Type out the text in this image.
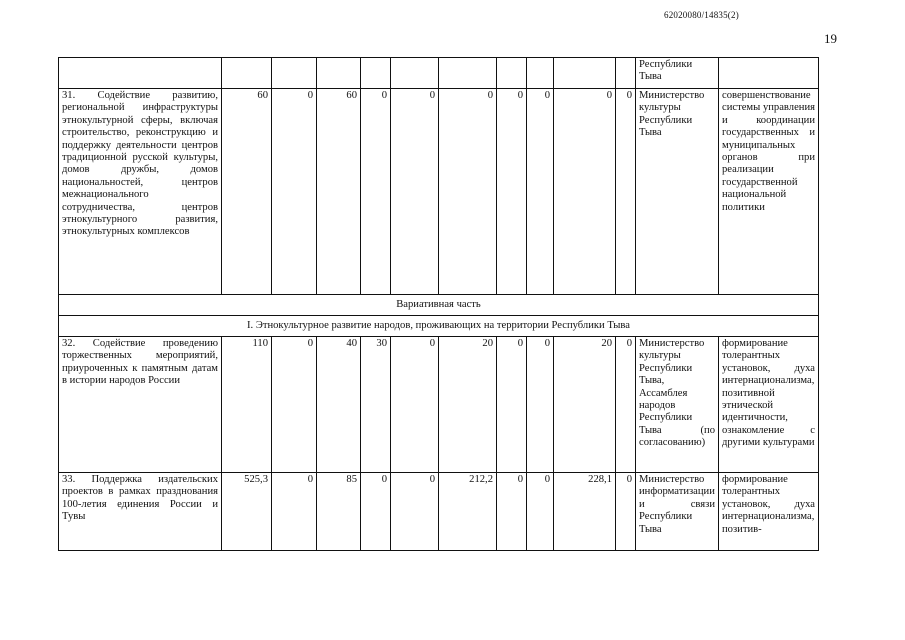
62020080/14835(2)
19
											Республики Тыва	
31. Содействие развитию, региональной инфраструктуры этнокультурной сферы, включая строительство, реконструкцию и поддержку деятельности центров традиционной русской культуры, домов дружбы, домов национальностей, центров межнационального сотрудничества, центров этнокультурного развития, этнокультурных комплексов	60	0	60	0	0	0	0	0	0	0	Министерство культуры Республики Тыва	совершенствование системы управления и координации государственных и муниципальных органов при реализации государственной национальной политики
Вариативная часть												
I. Этнокультурное развитие народов, проживающих на территории Республики Тыва												
32. Содействие проведению торжественных мероприятий, приуроченных к памятным датам в истории народов России	110	0	40	30	0	20	0	0	20	0	Министерство культуры Республики Тыва, Ассамблея народов Республики Тыва (по согласованию)	формирование толерантных установок, духа интернационализма, позитивной этнической идентичности, ознакомление с другими культурами
33. Поддержка издательских проектов в рамках празднования 100-летия единения России и Тувы	525,3	0	85	0	0	212,2	0	0	228,1	0	Министерство информатизации и связи Республики Тыва	формирование толерантных установок, духа интернационализма, позитив-
